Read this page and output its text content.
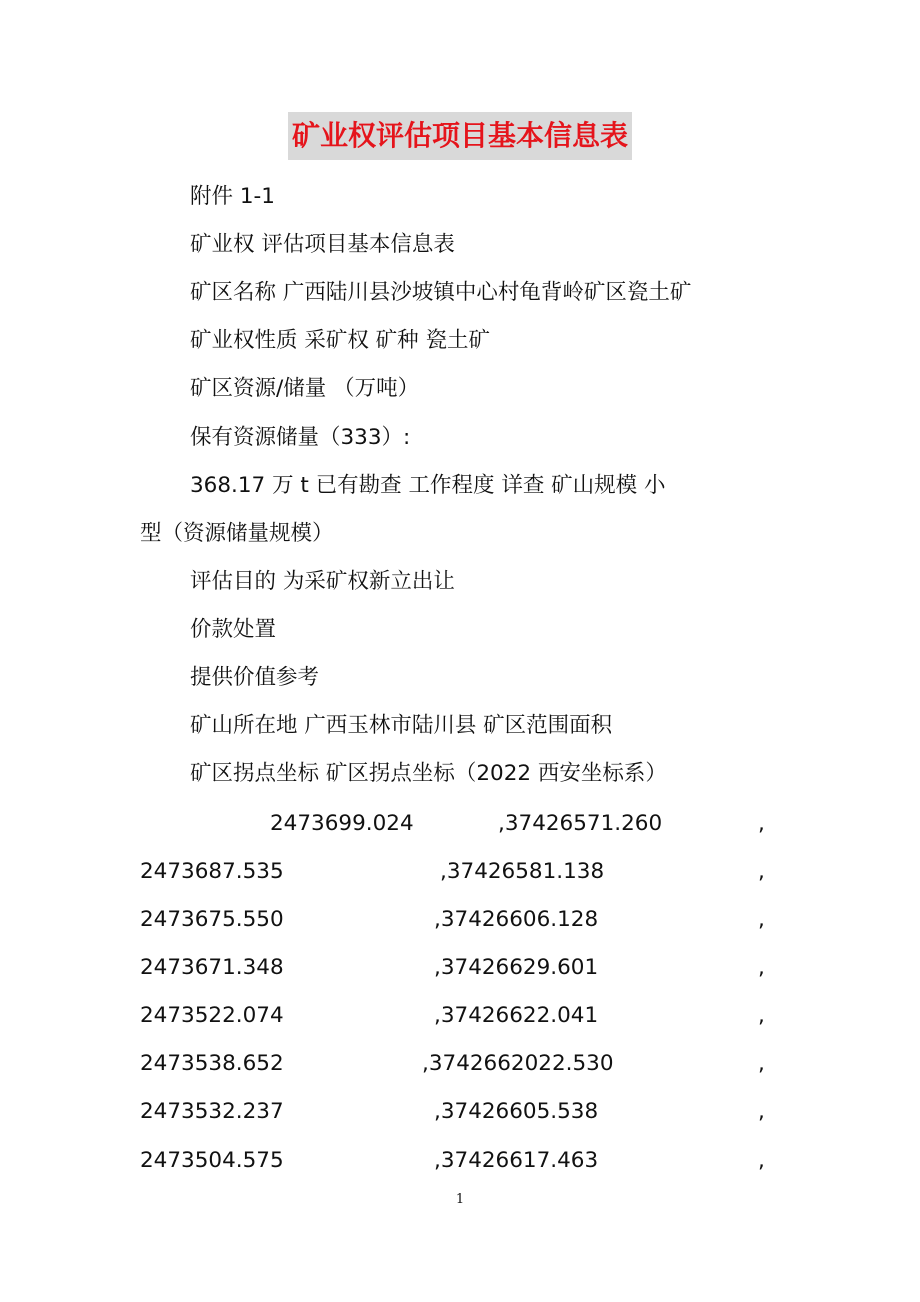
矿业权评估项目基本信息表

附件 1-1

矿业权 评估项目基本信息表

矿区名称 广西陆川县沙坡镇中心村龟背岭矿区瓷土矿

矿业权性质 采矿权 矿种 瓷土矿

矿区资源/储量 （万吨）

保有资源储量（333）:

368.17 万 t 已有勘查 工作程度 详查 矿山规模 小

型（资源储量规模）

评估目的 为采矿权新立出让

价款处置

提供价值参考

矿山所在地 广西玉林市陆川县 矿区范围面积

矿区拐点坐标 矿区拐点坐标（2022 西安坐标系）

2473699.024	,37426571.260	,
2473687.535	,37426581.138	,
2473675.550	,37426606.128	,
2473671.348	,37426629.601	,
2473522.074	,37426622.041	,
2473538.652	,3742662022.530	,
2473532.237	,37426605.538	,
2473504.575	,37426617.463	,
1
